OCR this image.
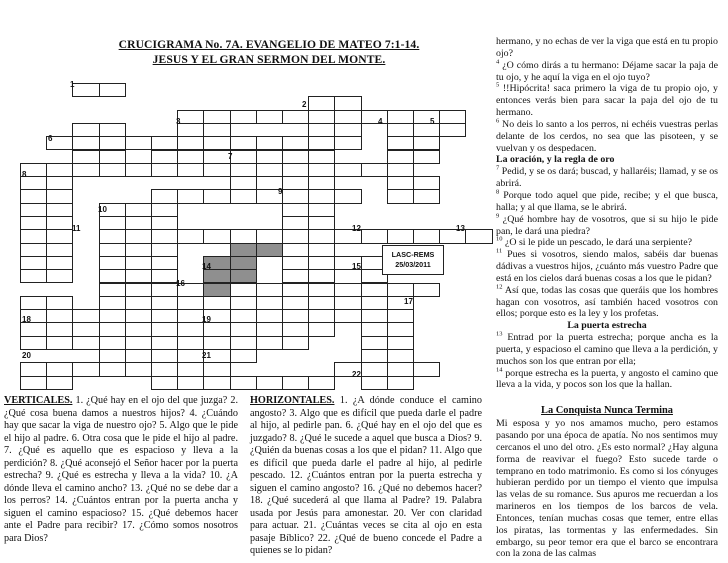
CRUCIGRAMA No. 7A. EVANGELIO DE MATEO 7:1-14.
JESUS Y EL GRAN SERMON DEL MONTE.
1
2
3	4	5
6
7
8
9
10
11	12	13
14	15
16
17
18	19
20	21
22
LASC-REMS
25/03/2011

VERTICALES. 1. ¿Qué hay en el ojo del que juzga? 2. ¿Qué cosa buena damos a nuestros hijos? 4. ¿Cuándo hay que sacar la viga de nuestro ojo? 5. Algo que le pide el hijo al padre. 6. Otra cosa que le pide el hijo al padre. 7. ¿Qué es aquello que es espacioso y lleva a la perdición? 8. ¿Qué aconsejó el Señor hacer por la puerta estrecha? 9. ¿Qué es estrecha y lleva a la vida? 10. ¿A dónde lleva el camino ancho? 13. ¿Qué no se debe dar a los perros? 14. ¿Cuántos entran por la puerta ancha y siguen el camino espacioso? 15. ¿Qué debemos hacer ante el Padre para recibir? 17. ¿Cómo somos nosotros para Dios?

HORIZONTALES. 1. ¿A dónde conduce el camino angosto? 3. Algo que es difícil que pueda darle el padre al hijo, al pedirle pan. 6. ¿Qué hay en el ojo del que es juzgado? 8. ¿Qué le sucede a aquel que busca a Dios? 9. ¿Quién da buenas cosas a los que el pidan? 11. Algo que es difícil que pueda darle el padre al hijo, al pedirle pescado. 12. ¿Cuántos entran por la puerta estrecha y siguen el camino angosto? 16. ¿Qué no debemos hacer? 18. ¿Qué sucederá al que llama al Padre? 19. Palabra usada por Jesús para amonestar. 20. Ver con claridad para actuar. 21. ¿Cuántas veces se cita al ojo en esta pasaje Bíblico? 22. ¿Qué de bueno concede el Padre a quienes se lo pidan?

hermano, y no echas de ver la viga que está en tu propio ojo?

$^4$ ¿O cómo dirás a tu hermano: Déjame sacar la paja de tu ojo, y he aquí la viga en el ojo tuyo?

$^5$ !!Hipócrita! saca primero la viga de tu propio ojo, y entonces verás bien para sacar la paja del ojo de tu hermano.

$^6$ No deis lo santo a los perros, ni echéis vuestras perlas delante de los cerdos, no sea que las pisoteen, y se vuelvan y os despedacen.

La oración, y la regla de oro

$^7$ Pedid, y se os dará; buscad, y hallaréis; llamad, y se os abrirá.

$^8$ Porque todo aquel que pide, recibe; y el que busca, halla; y al que llama, se le abrirá.

$^9$ ¿Qué hombre hay de vosotros, que si su hijo le pide pan, le dará una piedra?

$^{10}$ ¿O si le pide un pescado, le dará una serpiente?

$^{11}$ Pues si vosotros, siendo malos, sabéis dar buenas dádivas a vuestros hijos, ¿cuánto más vuestro Padre que está en los cielos dará buenas cosas a los que le pidan?

$^{12}$ Así que, todas las cosas que queráis que los hombres hagan con vosotros, así también haced vosotros con ellos; porque esto es la ley y los profetas.

La puerta estrecha

$^{13}$ Entrad por la puerta estrecha; porque ancha es la puerta, y espacioso el camino que lleva a la perdición, y muchos son los que entran por ella;

$^{14}$ porque estrecha es la puerta, y angosto el camino que lleva a la vida, y pocos son los que la hallan.

La Conquista Nunca Termina

Mi esposa y yo nos amamos mucho, pero estamos pasando por una época de apatía. No nos sentimos muy cercanos el uno del otro. ¿Es esto normal? ¿Hay alguna forma de reavivar el fuego? Esto sucede tarde o temprano en todo matrimonio. Es como si los cónyuges hubieran perdido por un tiempo el viento que impulsa las velas de su romance. Sus apuros me recuerdan a los marineros en los tiempos de los barcos de vela. Entonces, tenían muchas cosas que temer, entre ellas los piratas, las tormentas y las enfermedades. Sin embargo, su peor temor era que el barco se encontrara con la zona de las calmas
